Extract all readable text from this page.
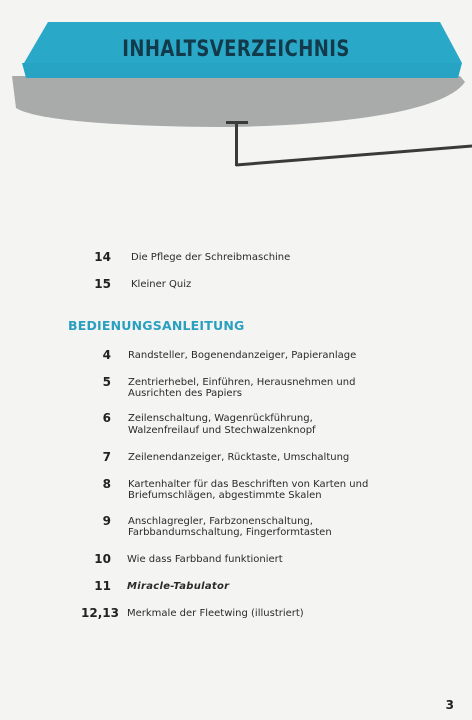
INHALTSVERZEICHNIS
14 Die Pflege der Schreibmaschine
15 Kleiner Quiz
BEDIENUNGSANLEITUNG
4 Randsteller, Bogenendanzeiger, Papieranlage
5 Zentrierhebel, Einführen, Herausnehmen und
Ausrichten des Papiers
6 Zeilenschaltung, Wagenrückführung,
Walzenfreilauf und Stechwalzenknopf
7 Zeilenendanzeiger, Rücktaste, Umschaltung
8 Kartenhalter für das Beschriften von Karten und
Briefumschlägen, abgestimmte Skalen
9 Anschlagregler, Farbzonenschaltung,
Farbbandumschaltung, Fingerformtasten
10 Wie dass Farbband funktioniert
11 Miracle-Tabulator
12,13 Merkmale der Fleetwing (illustriert)
3
